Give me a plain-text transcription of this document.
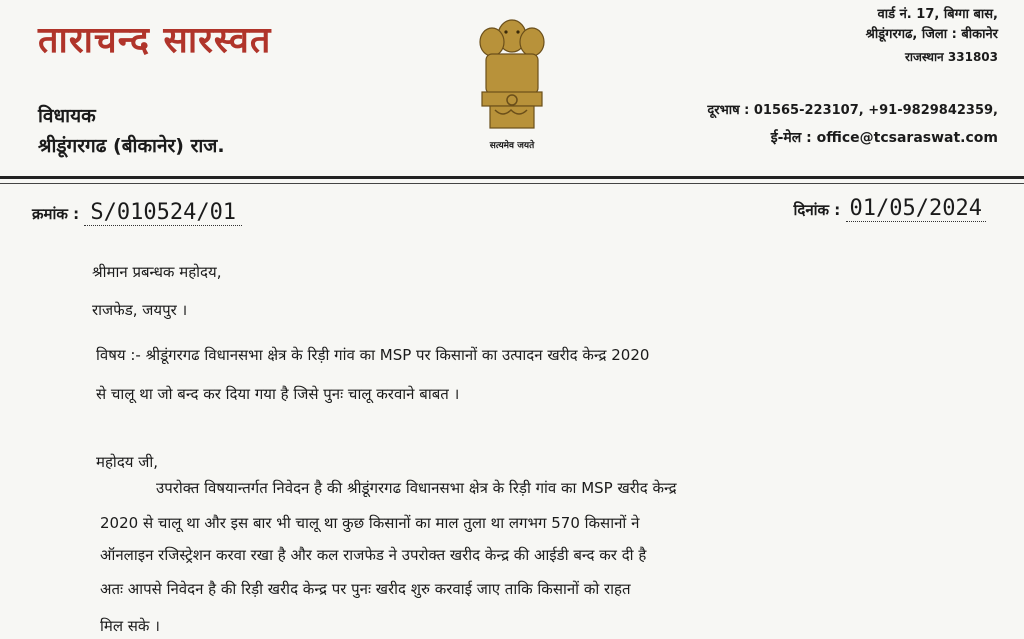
ताराचन्द सारस्वत
विधायक
श्रीडूंगरगढ (बीकानेर) राज.	सत्यमेव जयते
वार्ड नं. 17, बिग्गा बास,
श्रीडूंगरगढ, जिला : बीकानेर
राजस्थान 331803
दूरभाष : 01565-223107, +91-9829842359,
ई-मेल : office@tcsaraswat.com
क्रमांक : S/010524/01	दिनांक : 01/05/2024
श्रीमान प्रबन्धक महोदय,
राजफेड, जयपुर ।
विषय :- श्रीडूंगरगढ विधानसभा क्षेत्र के रिड़ी गांव का MSP पर किसानों का उत्पादन खरीद केन्द्र 2020
से चालू था जो बन्द कर दिया गया है जिसे पुनः चालू करवाने बाबत ।
महोदय जी,
उपरोक्त विषयान्तर्गत निवेदन है की श्रीडूंगरगढ विधानसभा क्षेत्र के रिड़ी गांव का MSP खरीद केन्द्र
2020 से चालू था और इस बार भी चालू था कुछ किसानों का माल तुला था लगभग 570 किसानों ने
ऑनलाइन रजिस्ट्रेशन करवा रखा है और कल राजफेड ने उपरोक्त खरीद केन्द्र की आईडी बन्द कर दी है
अतः आपसे निवेदन है की रिड़ी खरीद केन्द्र पर पुनः खरीद शुरु करवाई जाए ताकि किसानों को राहत
मिल सके ।
